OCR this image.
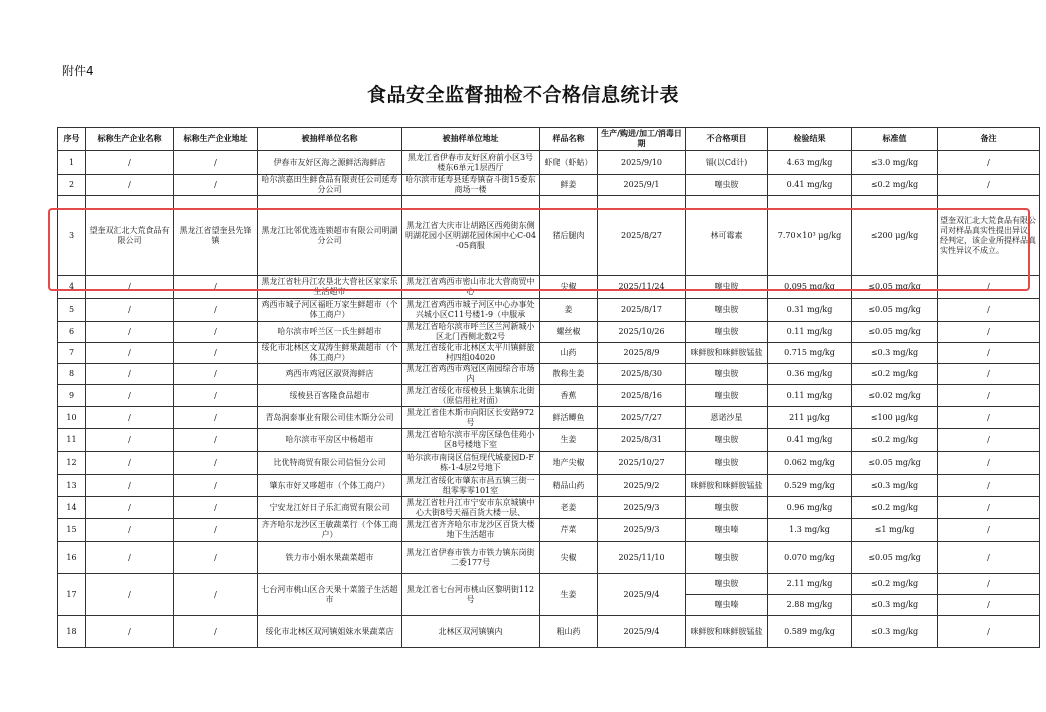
附件4
食品安全监督抽检不合格信息统计表
序号	标称生产企业名称	标称生产企业地址	被抽样单位名称	被抽样单位地址	样品名称	生产/购进/加工/消毒日期	不合格项目	检验结果	标准值	备注
1	/	/	伊春市友好区海之源鲜活海鲜店	黑龙江省伊春市友好区府前小区3号楼东6单元1层西厅	虾爬（虾蛄）	2025/9/10	镉(以Cd计)	4.63 mg/kg	≤3.0 mg/kg	/
2	/	/	哈尔滨嘉田生鲜食品有限责任公司延寿分公司	哈尔滨市延寿县延寿镇奋斗街15委东商场一楼	鲜姜	2025/9/1	噻虫胺	0.41 mg/kg	≤0.2 mg/kg	/
3	望奎双汇北大荒食品有限公司	黑龙江省望奎县先锋镇	黑龙江比邻优选连锁超市有限公司明湖分公司	黑龙江省大庆市让胡路区西苑街东侧明湖花园小区明湖花园休闲中心C-04-05商服	猪后腿肉	2025/8/27	林可霉素	7.70×10³ μg/kg	≤200 μg/kg	望奎双汇北大荒食品有限公司对样品真实性提出异议，经判定，该企业所提样品真实性异议不成立。
4	/	/	黑龙江省牡丹江农垦北大营社区家家乐生活超市	黑龙江省鸡西市密山市北大营商贸中心	尖椒	2025/11/24	噻虫胺	0.095 mg/kg	≤0.05 mg/kg	/
5	/	/	鸡西市城子河区福旺万家生鲜超市（个体工商户）	黑龙江省鸡西市城子河区中心办事处兴城小区C11号楼1-9（中服承	姜	2025/8/17	噻虫胺	0.31 mg/kg	≤0.05 mg/kg	/
6	/	/	哈尔滨市呼兰区一氏生鲜超市	黑龙江省哈尔滨市呼兰区兰河新城小区北门西侧北数2号	螺丝椒	2025/10/26	噻虫胺	0.11 mg/kg	≤0.05 mg/kg	/
7	/	/	绥化市北林区文双涛生鲜果蔬超市（个体工商户）	黑龙江省绥化市北林区太平川镇鲜旅村四组04020	山药	2025/8/9	咪鲜胺和咪鲜胺锰盐	0.715 mg/kg	≤0.3 mg/kg	/
8	/	/	鸡西市鸡冠区淑贤海鲜店	黑龙江省鸡西市鸡冠区南园综合市场内	散称生姜	2025/8/30	噻虫胺	0.36 mg/kg	≤0.2 mg/kg	/
9	/	/	绥棱县百客隆食品超市	黑龙江省绥化市绥棱县上集镇东北街（原信用社对面）	香蕉	2025/8/16	噻虫胺	0.11 mg/kg	≤0.02 mg/kg	/
10	/	/	青岛润泰事业有限公司佳木斯分公司	黑龙江省佳木斯市向阳区长安路972号	鲜活鲫鱼	2025/7/27	恩诺沙星	211 μg/kg	≤100 μg/kg	/
11	/	/	哈尔滨市平房区中杨超市	黑龙江省哈尔滨市平房区绿色佳苑小区8号楼地下室	生姜	2025/8/31	噻虫胺	0.41 mg/kg	≤0.2 mg/kg	/
12	/	/	比优特商贸有限公司信恒分公司	哈尔滨市南岗区信恒现代城豪园D-F栋-1-4层2号地下	地产尖椒	2025/10/27	噻虫胺	0.062 mg/kg	≤0.05 mg/kg	/
13	/	/	肇东市好又哆超市（个体工商户）	黑龙江省绥化市肇东市昌五镇三街一组零零零101室	精品山药	2025/9/2	咪鲜胺和咪鲜胺锰盐	0.529 mg/kg	≤0.3 mg/kg	/
14	/	/	宁安龙江好日子乐汇商贸有限公司	黑龙江省牡丹江市宁安市东京城镇中心大街8号天福百货大楼一层、	老姜	2025/9/3	噻虫胺	0.96 mg/kg	≤0.2 mg/kg	/
15	/	/	齐齐哈尔龙沙区王敏蔬菜行（个体工商户）	黑龙江省齐齐哈尔市龙沙区百货大楼地下生活超市	芹菜	2025/9/3	噻虫嗪	1.3 mg/kg	≤1 mg/kg	/
16	/	/	铁力市小娟水果蔬菜超市	黑龙江省伊春市铁力市铁力镇东岗街二委177号	尖椒	2025/11/10	噻虫胺	0.070 mg/kg	≤0.05 mg/kg	/
17	/	/	七台河市桃山区合天果十菜篮子生活超市	黑龙江省七台河市桃山区黎明街112号	生姜	2025/9/4	噻虫胺	2.11 mg/kg	≤0.2 mg/kg	/
							噻虫嗪	2.88 mg/kg	≤0.3 mg/kg	/
18	/	/	绥化市北林区双河镇姐妹水果蔬菜店	北林区双河镇镇内	粗山药	2025/9/4	咪鲜胺和咪鲜胺锰盐	0.589 mg/kg	≤0.3 mg/kg	/
